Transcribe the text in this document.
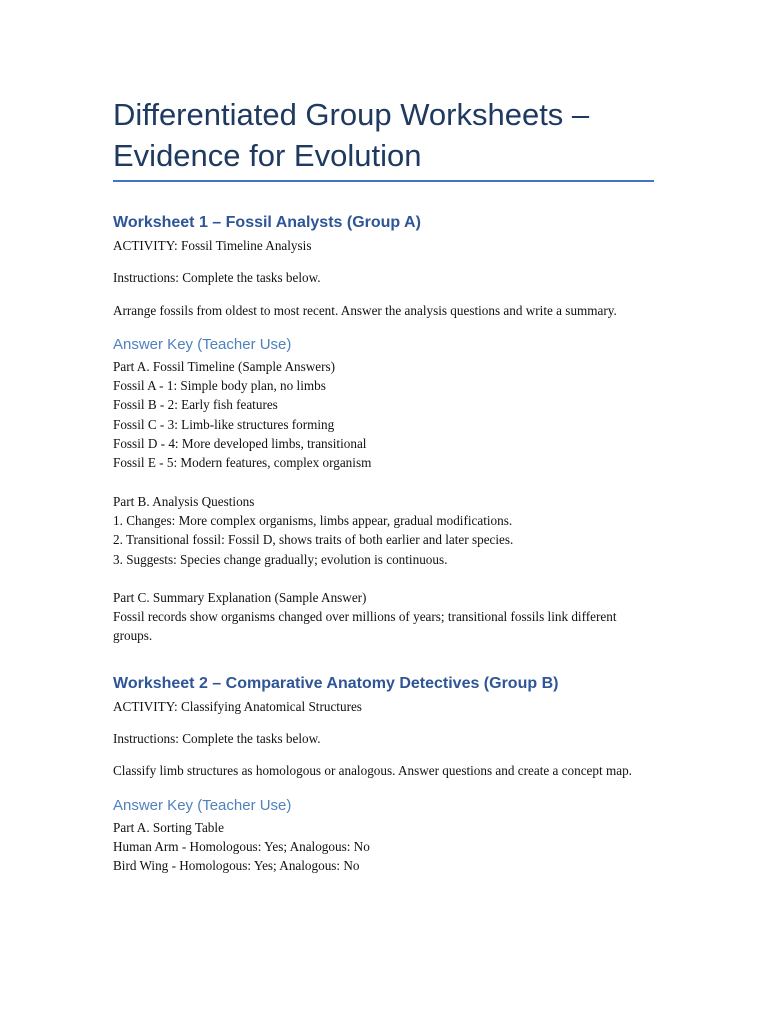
Differentiated Group Worksheets –
Evidence for Evolution
Worksheet 1 – Fossil Analysts (Group A)

ACTIVITY: Fossil Timeline Analysis

Instructions: Complete the tasks below.

Arrange fossils from oldest to most recent. Answer the analysis questions and write a summary.

Answer Key (Teacher Use)

Part A. Fossil Timeline (Sample Answers)

Fossil A - 1: Simple body plan, no limbs

Fossil B - 2: Early fish features

Fossil C - 3: Limb-like structures forming

Fossil D - 4: More developed limbs, transitional

Fossil E - 5: Modern features, complex organism

Part B. Analysis Questions

1. Changes: More complex organisms, limbs appear, gradual modifications.

2. Transitional fossil: Fossil D, shows traits of both earlier and later species.

3. Suggests: Species change gradually; evolution is continuous.

Part C. Summary Explanation (Sample Answer)

Fossil records show organisms changed over millions of years; transitional fossils link different groups.

Worksheet 2 – Comparative Anatomy Detectives (Group B)

ACTIVITY: Classifying Anatomical Structures

Instructions: Complete the tasks below.

Classify limb structures as homologous or analogous. Answer questions and create a concept map.

Answer Key (Teacher Use)

Part A. Sorting Table

Human Arm - Homologous: Yes; Analogous: No

Bird Wing - Homologous: Yes; Analogous: No
